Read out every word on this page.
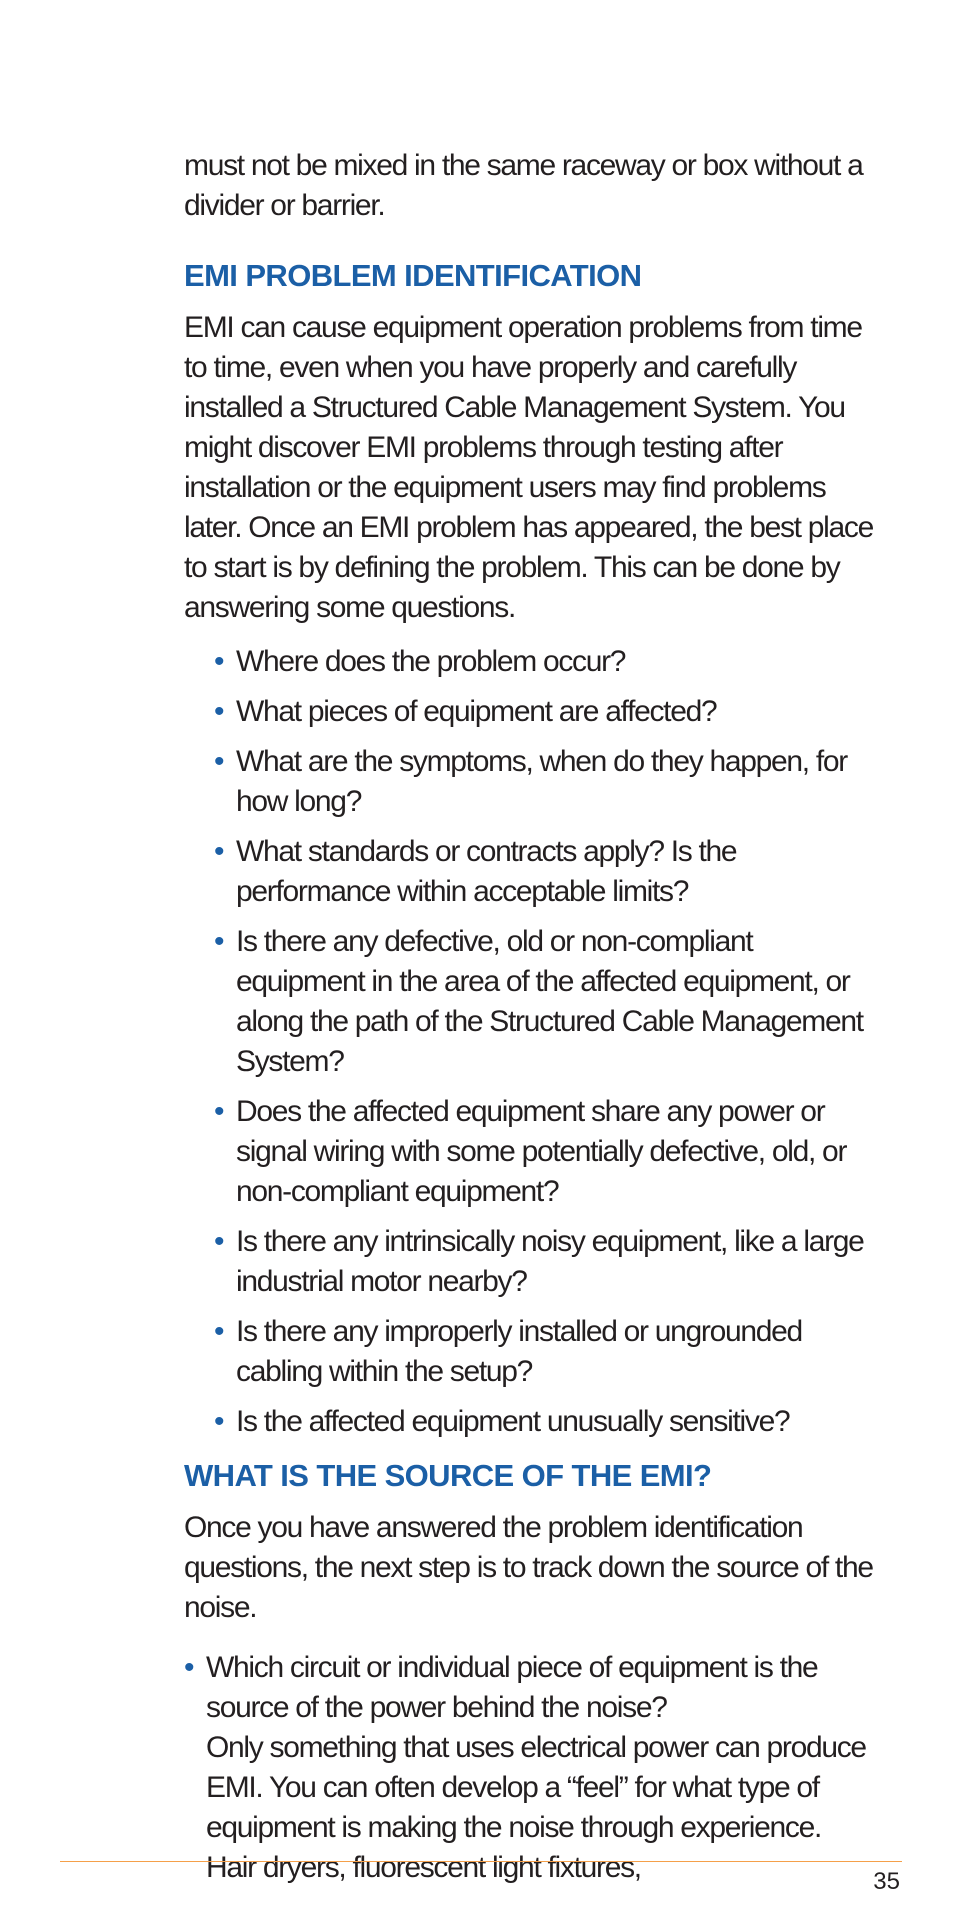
must not be mixed in the same raceway or box without a divider or barrier.

EMI PROBLEM IDENTIFICATION

EMI can cause equipment operation problems from time to time, even when you have properly and carefully installed a Structured Cable Management System. You might discover EMI problems through testing after installation or the equipment users may find problems later. Once an EMI problem has appeared, the best place to start is by defining the problem. This can be done by answering some questions.

• Where does the problem occur?
• What pieces of equipment are affected?
• What are the symptoms, when do they happen, for how long?
• What standards or contracts apply? Is the performance within acceptable limits?
• Is there any defective, old or non-compliant equipment in the area of the affected equipment, or along the path of the Structured Cable Management System?
• Does the affected equipment share any power or signal wiring with some potentially defective, old, or non-compliant equipment?
• Is there any intrinsically noisy equipment, like a large industrial motor nearby?
• Is there any improperly installed or ungrounded cabling within the setup?
• Is the affected equipment unusually sensitive?
WHAT IS THE SOURCE OF THE EMI?

Once you have answered the problem identification questions, the next step is to track down the source of the noise.

• Which circuit or individual piece of equipment is the source of the power behind the noise?
Only something that uses electrical power can produce EMI. You can often develop a “feel” for what type of equipment is making the noise through experience. Hair dryers, fluorescent light fixtures,	35
